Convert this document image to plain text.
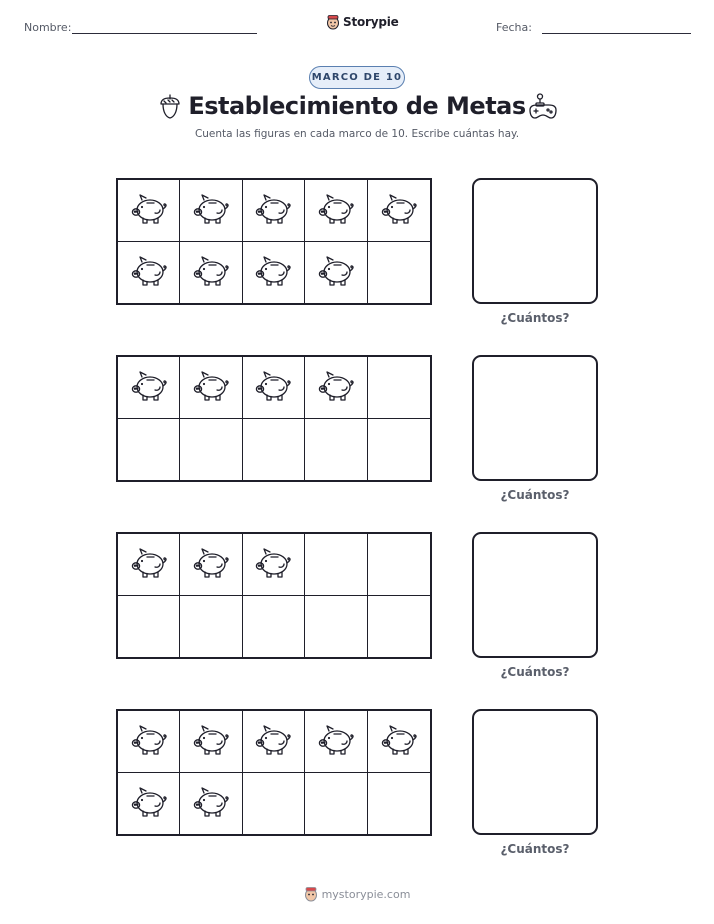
Nombre:	Storypie	Fecha:
MARCO DE 10
Establecimiento de Metas
Cuenta las figuras en cada marco de 10. Escribe cuántas hay.
¿Cuántos?
¿Cuántos?
¿Cuántos?
¿Cuántos?
mystorypie.com
